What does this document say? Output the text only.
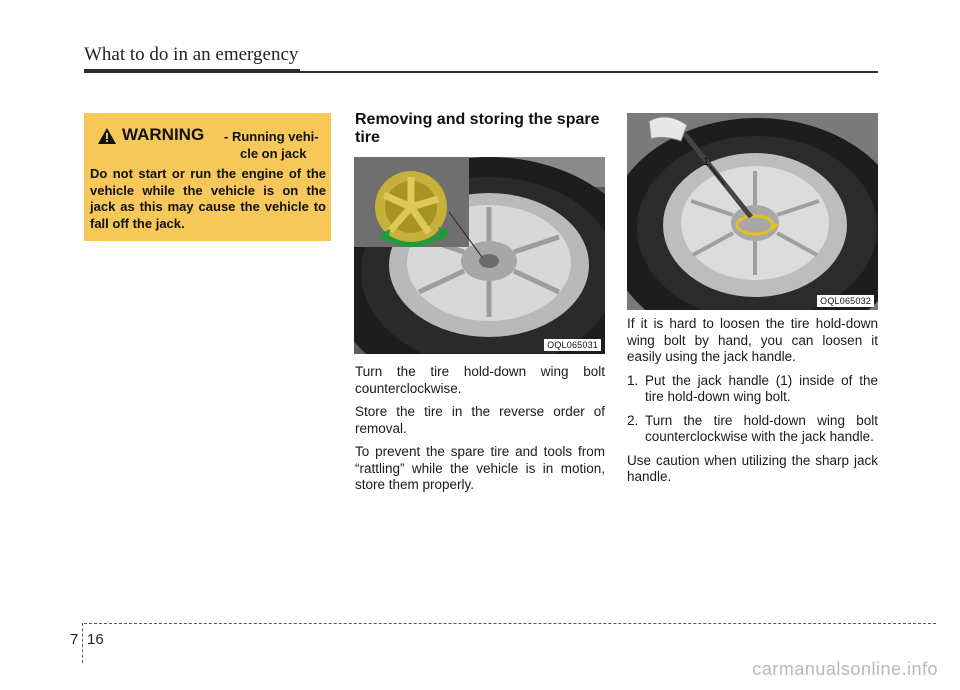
What to do in an emergency
WARNING - Running vehi-
cle on jack
Do not start or run the engine of the vehicle while the vehicle is on the jack as this may cause the vehicle to fall off the jack.
Removing and storing the spare tire
OQL065031

Turn the tire hold-down wing bolt counterclockwise.

Store the tire in the reverse order of removal.

To prevent the spare tire and tools from “rattling” while the vehicle is in motion, store them properly.

1
OQL065032

If it is hard to loosen the tire hold-down wing bolt by hand, you can loosen it easily using the jack handle.

1. Put the jack handle (1) inside of the tire hold-down wing bolt.
2. Turn the tire hold-down wing bolt counterclockwise with the jack handle.

Use caution when utilizing the sharp jack handle.

7 16
carmanualsonline.info
